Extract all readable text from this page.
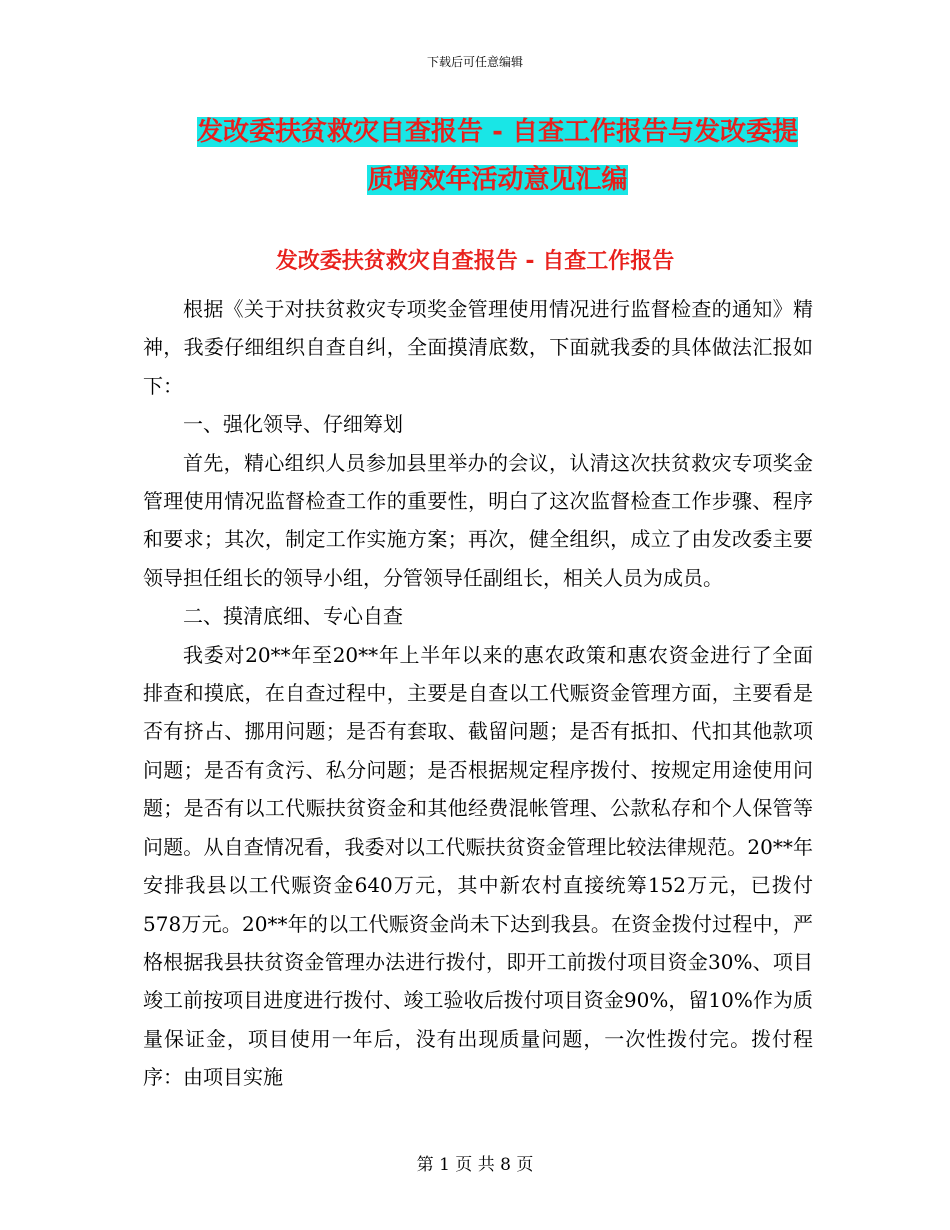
下载后可任意编辑
发改委扶贫救灾自查报告 - 自查工作报告与发改委提
质增效年活动意见汇编
发改委扶贫救灾自查报告 - 自查工作报告

根据《关于对扶贫救灾专项奖金管理使用情况进行监督检查的通知》精神，我委仔细组织自查自纠，全面摸清底数，下面就我委的具体做法汇报如下：

一、强化领导、仔细筹划

首先，精心组织人员参加县里举办的会议，认清这次扶贫救灾专项奖金管理使用情况监督检查工作的重要性，明白了这次监督检查工作步骤、程序和要求；其次，制定工作实施方案；再次，健全组织，成立了由发改委主要领导担任组长的领导小组，分管领导任副组长，相关人员为成员。

二、摸清底细、专心自查

我委对20**年至20**年上半年以来的惠农政策和惠农资金进行了全面排查和摸底，在自查过程中，主要是自查以工代赈资金管理方面，主要看是否有挤占、挪用问题；是否有套取、截留问题；是否有抵扣、代扣其他款项问题；是否有贪污、私分问题；是否根据规定程序拨付、按规定用途使用问题；是否有以工代赈扶贫资金和其他经费混帐管理、公款私存和个人保管等问题。从自查情况看，我委对以工代赈扶贫资金管理比较法律规范。20**年安排我县以工代赈资金640万元，其中新农村直接统筹152万元，已拨付578万元。20**年的以工代赈资金尚未下达到我县。在资金拨付过程中，严格根据我县扶贫资金管理办法进行拨付，即开工前拨付项目资金30%、项目竣工前按项目进度进行拨付、竣工验收后拨付项目资金90%，留10%作为质量保证金，项目使用一年后，没有出现质量问题，一次性拨付完。拨付程序：由项目实施

第 1 页 共 8 页
